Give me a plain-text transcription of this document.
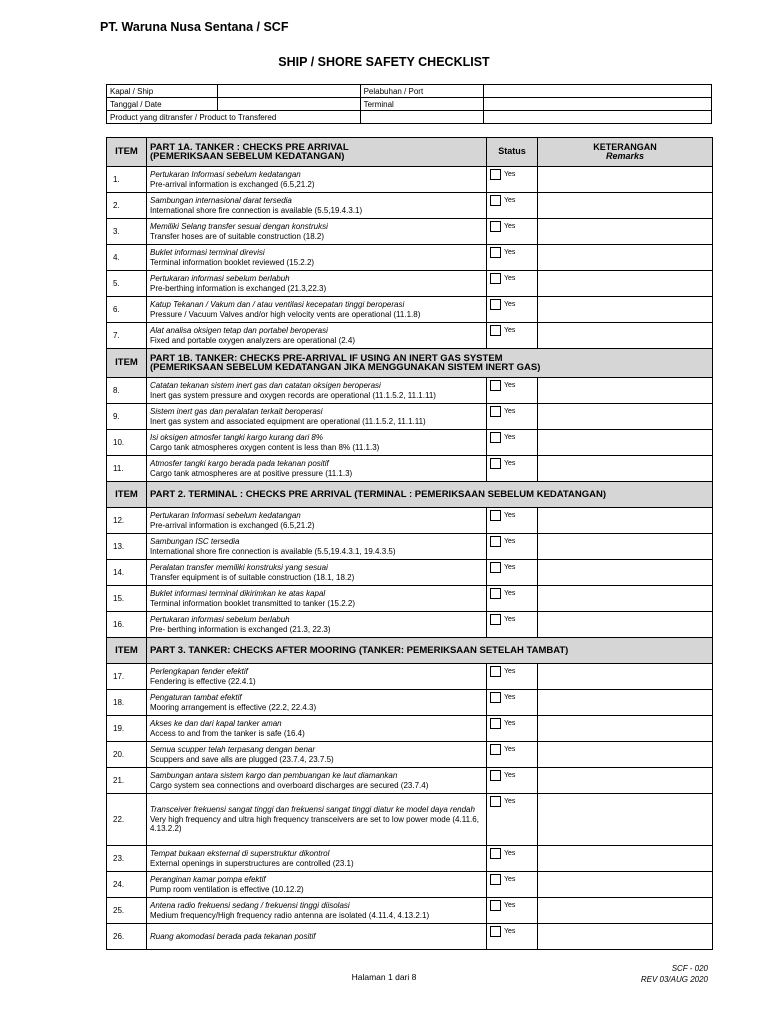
PT. Waruna Nusa Sentana / SCF
SHIP / SHORE SAFETY CHECKLIST
Kapal / Ship		Pelabuhan / Port	
Tanggal / Date		Terminal	
Product yang ditransfer / Product to Transfered			
ITEM	PART 1A. TANKER : CHECKS PRE ARRIVAL
(PEMERIKSAAN SEBELUM KEDATANGAN)	Status	KETERANGAN
Remarks

1.	Pertukaran Informasi sebelum kedatangan
Pre-arrival information is exchanged (6.5,21.2)	Yes	
2.	Sambungan internasional darat tersedia
International shore fire connection is available (5.5,19.4.3.1)	Yes	
3.	Memiliki Selang transfer sesuai dengan konstruksi
Transfer hoses are of suitable construction (18.2)	Yes	
4.	Buklet informasi terminal direvisi
Terminal information booklet reviewed (15.2.2)	Yes	
5.	Pertukaran informasi sebelum berlabuh
Pre-berthing information is exchanged (21.3,22.3)	Yes	
6.	Katup Tekanan / Vakum dan / atau ventilasi kecepatan tinggi beroperasi
Pressure / Vacuum Valves and/or high velocity vents are operational (11.1.8)	Yes	
7.	Alat analisa oksigen tetap dan portabel beroperasi
Fixed and portable oxygen analyzers are operational (2.4)	Yes	
ITEM	PART 1B. TANKER: CHECKS PRE-ARRIVAL IF USING AN INERT GAS SYSTEM
(PEMERIKSAAN SEBELUM KEDATANGAN JIKA MENGGUNAKAN SISTEM INERT GAS)		

8.	Catatan tekanan sistem inert gas dan catatan oksigen beroperasi
Inert gas system pressure and oxygen records are operational (11.1.5.2, 11.1.11)	Yes	
9.	Sistem inert gas dan peralatan terkait beroperasi
Inert gas system and associated equipment are operational (11.1.5.2, 11.1.11)	Yes	
10.	Isi oksigen atmosfer tangki kargo kurang dari 8%
Cargo tank atmospheres oxygen content is less than 8% (11.1.3)	Yes	
11.	Atmosfer tangki kargo berada pada tekanan positif
Cargo tank atmospheres are at positive pressure (11.1.3)	Yes	
ITEM	PART 2. TERMINAL : CHECKS PRE ARRIVAL (TERMINAL : PEMERIKSAAN SEBELUM KEDATANGAN)		

12.	Pertukaran Informasi sebelum kedatangan
Pre-arrival information is exchanged (6.5,21.2)	Yes	
13.	Sambungan ISC tersedia
International shore fire connection is available (5.5,19.4.3.1, 19.4.3.5)	Yes	
14.	Peralatan transfer memiliki konstruksi yang sesuai
Transfer equipment is of suitable construction (18.1, 18.2)	Yes	
15.	Buklet informasi terminal dikirimkan ke atas kapal
Terminal information booklet transmitted to tanker (15.2.2)	Yes	
16.	Pertukaran informasi sebelum berlabuh
Pre- berthing information is exchanged (21.3, 22.3)	Yes	
ITEM	PART 3. TANKER: CHECKS AFTER MOORING (TANKER: PEMERIKSAAN SETELAH TAMBAT)		

17.	Perlengkapan fender efektif
Fendering is effective (22.4.1)	Yes	
18.	Pengaturan tambat efektif
Mooring arrangement is effective (22.2, 22.4.3)	Yes	
19.	Akses ke dan dari kapal tanker aman
Access to and from the tanker is safe (16.4)	Yes	
20.	Semua scupper telah terpasang dengan benar
Scuppers and save alls are plugged (23.7.4, 23.7.5)	Yes	
21.	Sambungan antara sistem kargo dan pembuangan ke laut diamankan
Cargo system sea connections and overboard discharges are secured (23.7.4)	Yes	
22.	Transceiver frekuensi sangat tinggi dan frekuensi sangat tinggi diatur ke model daya rendah
Very high frequency and ultra high frequency transceivers are set to low power mode (4.11.6, 4.13.2.2)	Yes	
23.	Tempat bukaan eksternal di superstruktur dikontrol
External openings in superstructures are controlled (23.1)	Yes	
24.	Peranginan kamar pompa efektif
Pump room ventilation is effective (10.12.2)	Yes	
25.	Antena radio frekuensi sedang / frekuensi tinggi diisolasi
Medium frequency/High frequency radio antenna are isolated (4.11.4, 4.13.2.1)	Yes	
26.	Ruang akomodasi berada pada tekanan positif	Yes	
Halaman 1 dari 8
SCF - 020
REV 03/AUG 2020
